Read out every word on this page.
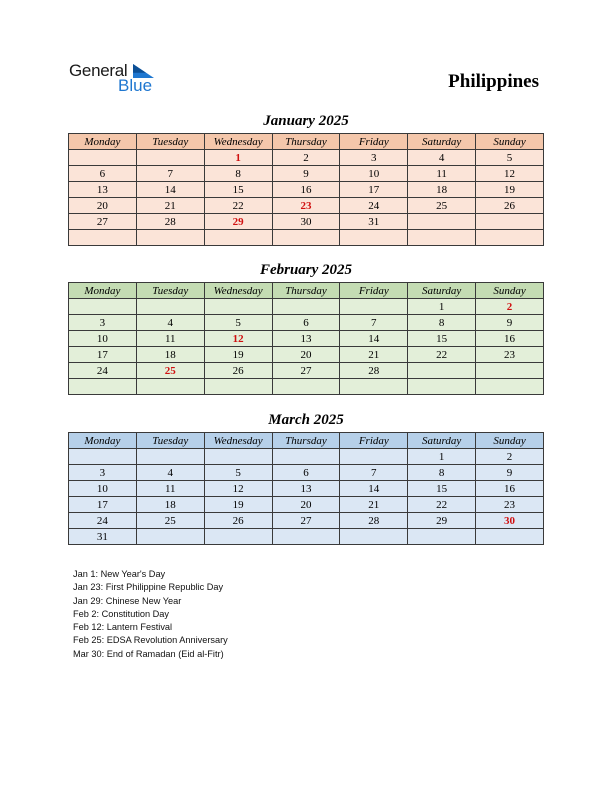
General
Blue	Philippines
January 2025
Monday	Tuesday	Wednesday	Thursday	Friday	Saturday	Sunday
		1	2	3	4	5
6	7	8	9	10	11	12
13	14	15	16	17	18	19
20	21	22	23	24	25	26
27	28	29	30	31		

February 2025
Monday	Tuesday	Wednesday	Thursday	Friday	Saturday	Sunday
					1	2
3	4	5	6	7	8	9
10	11	12	13	14	15	16
17	18	19	20	21	22	23
24	25	26	27	28		

March 2025
Monday	Tuesday	Wednesday	Thursday	Friday	Saturday	Sunday
					1	2
3	4	5	6	7	8	9
10	11	12	13	14	15	16
17	18	19	20	21	22	23
24	25	26	27	28	29	30
31						
Jan 1: New Year's Day
Jan 23: First Philippine Republic Day
Jan 29: Chinese New Year
Feb 2: Constitution Day
Feb 12: Lantern Festival
Feb 25: EDSA Revolution Anniversary
Mar 30: End of Ramadan (Eid al-Fitr)
